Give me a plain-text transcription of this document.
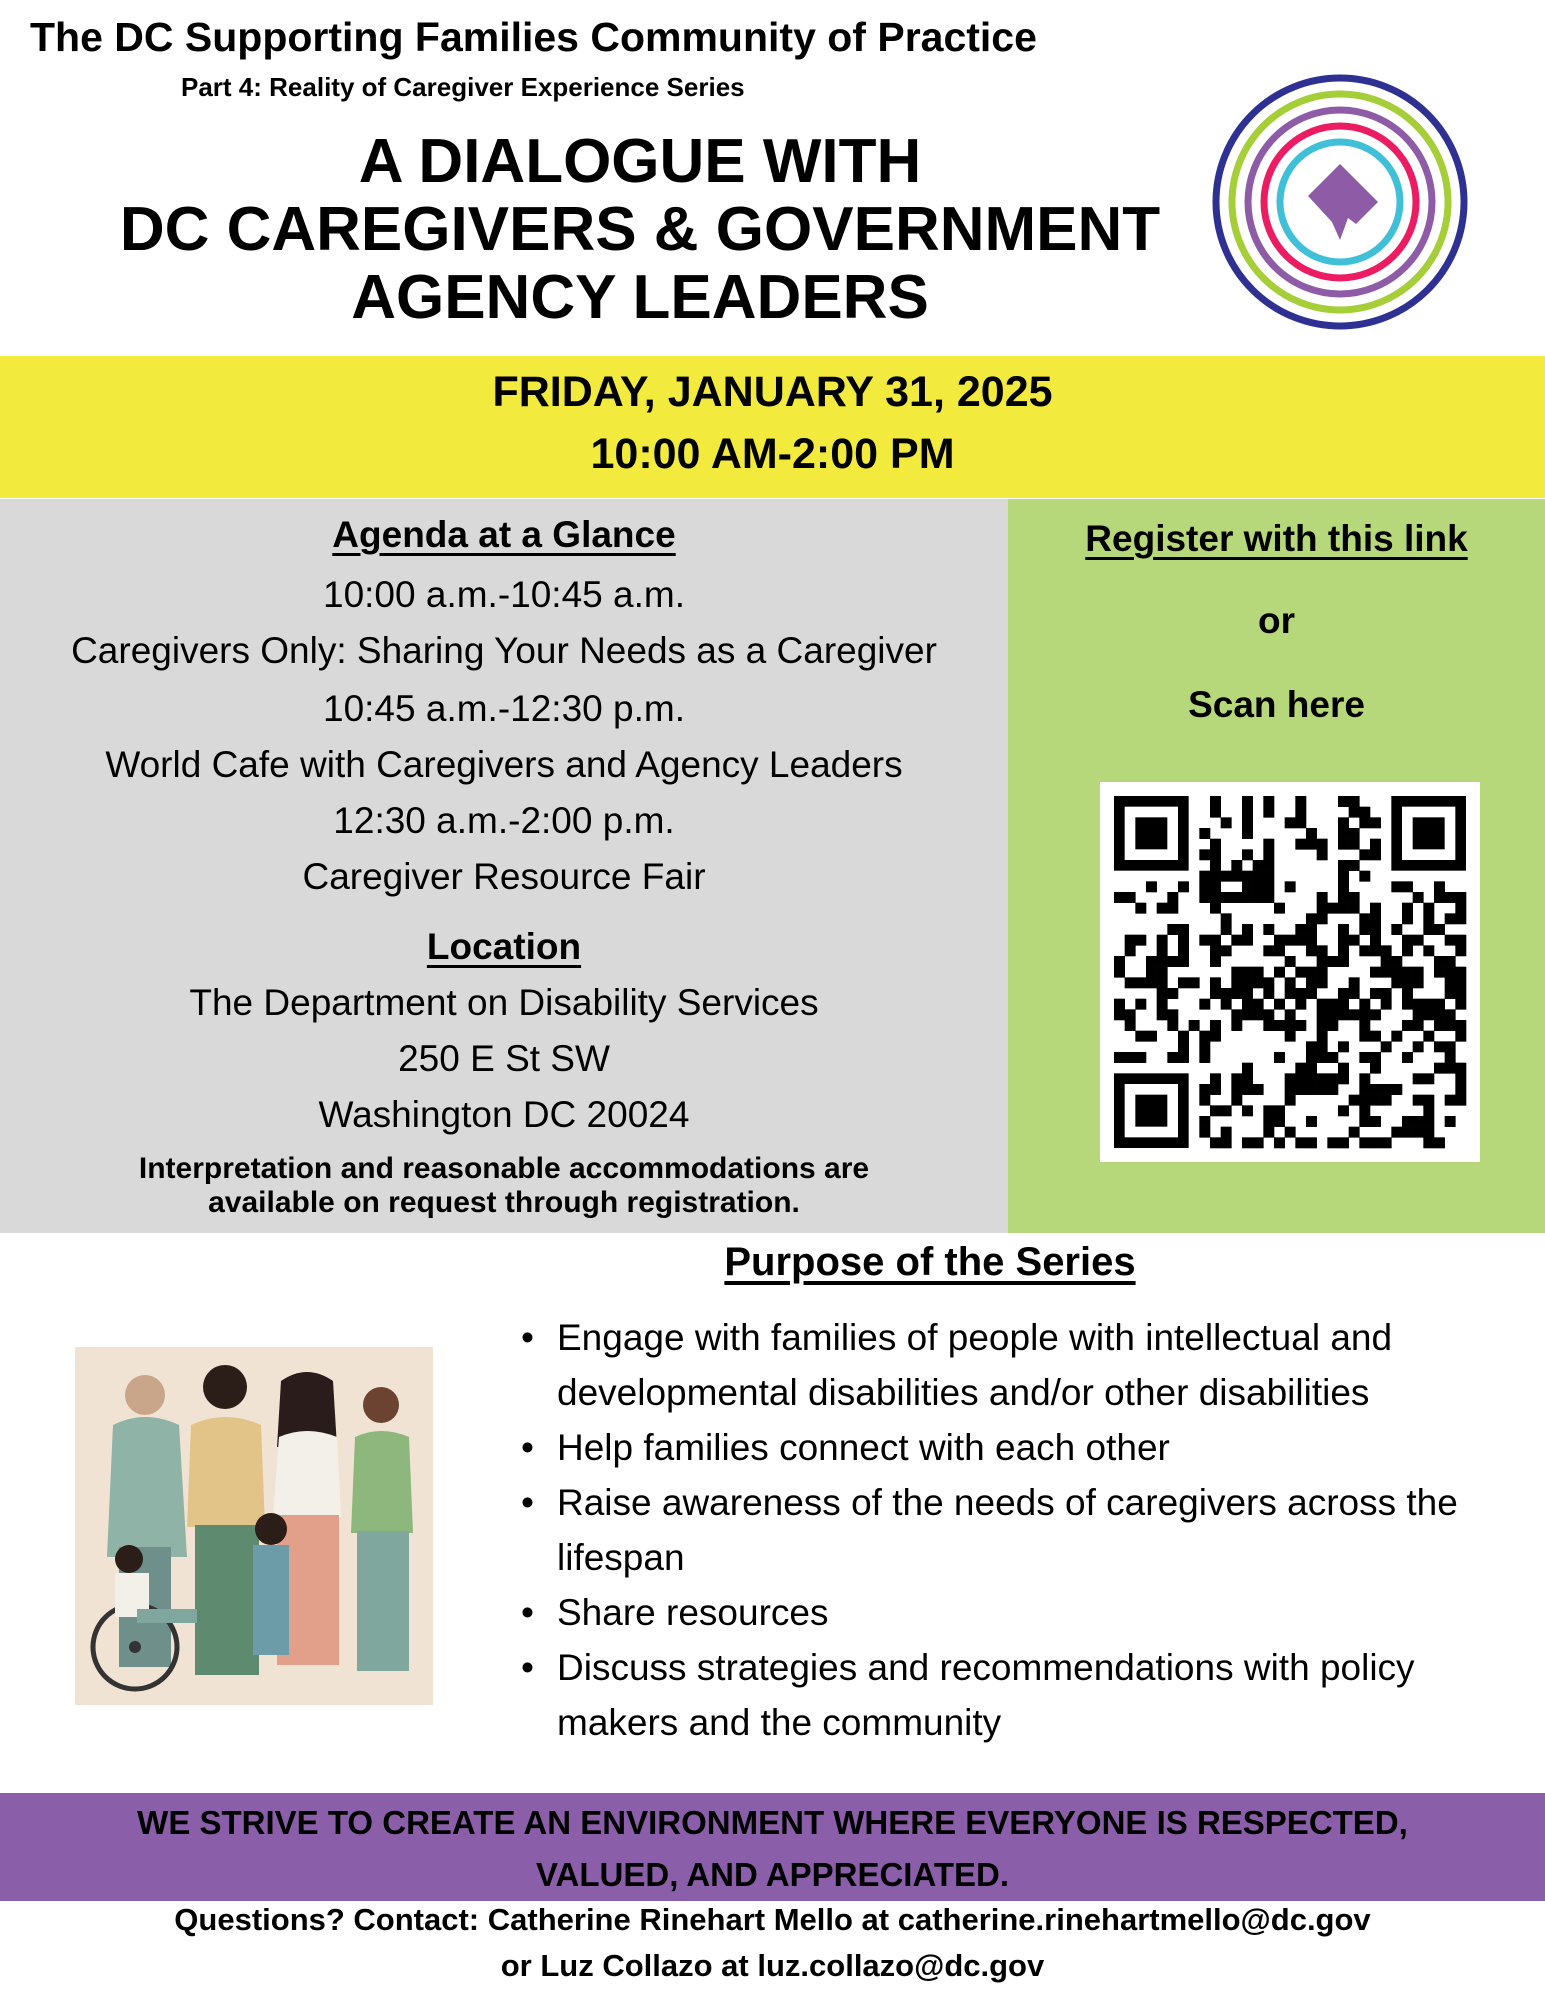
The DC Supporting Families Community of Practice
Part 4: Reality of Caregiver Experience Series
A DIALOGUE WITH
DC CAREGIVERS & GOVERNMENT
AGENCY LEADERS
FRIDAY, JANUARY 31, 2025
10:00 AM-2:00 PM
Agenda at a Glance
10:00 a.m.-10:45 a.m.
Caregivers Only: Sharing Your Needs as a Caregiver
10:45 a.m.-12:30 p.m.
World Cafe with Caregivers and Agency Leaders
12:30 a.m.-2:00 p.m.
Caregiver Resource Fair
Location
The Department on Disability Services
250 E St SW
Washington DC 20024
Interpretation and reasonable accommodations are
available on request through registration.
Register with this link
or
Scan here
Purpose of the Series
• Engage with families of people with intellectual and developmental disabilities and/or other disabilities
• Help families connect with each other
• Raise awareness of the needs of caregivers across the lifespan
• Share resources
• Discuss strategies and recommendations with policy makers and the community
WE STRIVE TO CREATE AN ENVIRONMENT WHERE EVERYONE IS RESPECTED,
VALUED, AND APPRECIATED.
Questions? Contact: Catherine Rinehart Mello at catherine.rinehartmello@dc.gov
or Luz Collazo at luz.collazo@dc.gov
